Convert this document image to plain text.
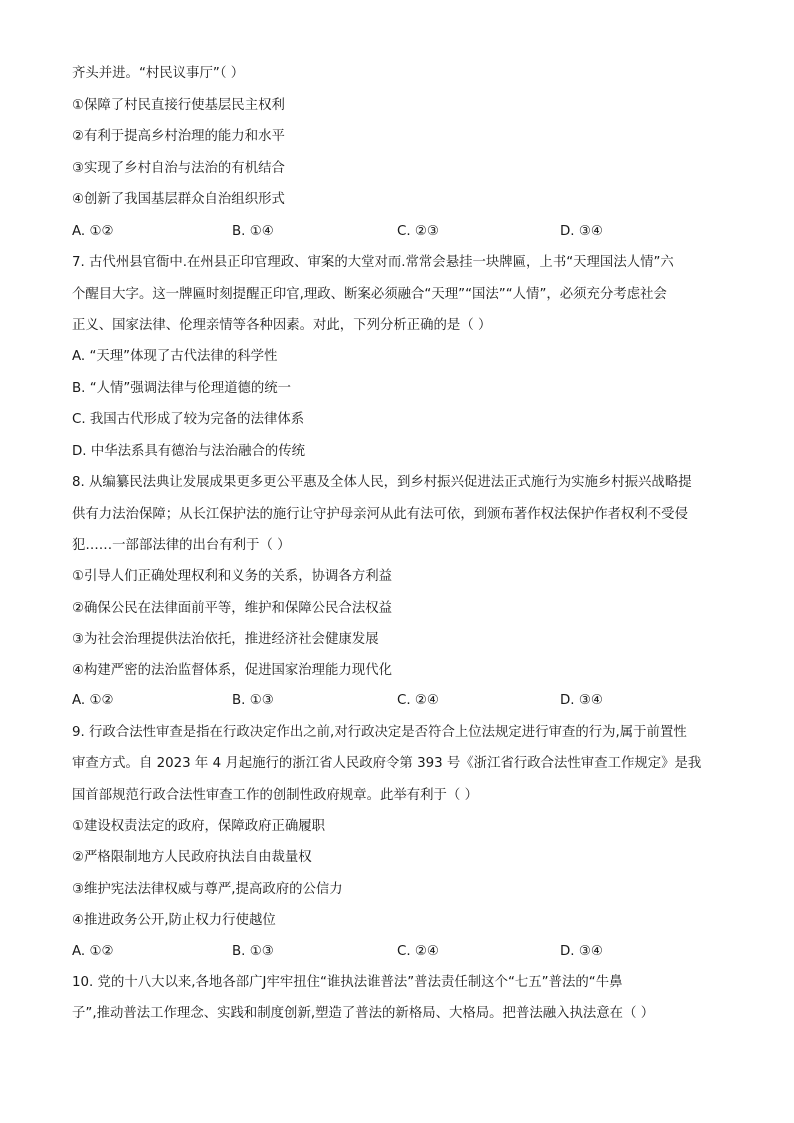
齐头并进。“村民议事厅”（ ）
①保障了村民直接行使基层民主权利
②有利于提高乡村治理的能力和水平
③实现了乡村自治与法治的有机结合
④创新了我国基层群众自治组织形式
A. ①②	B. ①④	C. ②③	D. ③④
7. 古代州县官衙中.在州县正印官理政、审案的大堂对而.常常会悬挂一块牌匾，上书“天理国法人情”六
个醒目大字。这一牌匾时刻提醒正印官,理政、断案必须融合“天理”“国法”“人情”，必须充分考虑社会
正义、国家法律、伦理亲情等各种因素。对此，下列分析正确的是（ ）
A. “天理”体现了古代法律的科学性
B. “人情”强调法律与伦理道德的统一
C. 我国古代形成了较为完备的法律体系
D. 中华法系具有德治与法治融合的传统
8. 从编纂民法典让发展成果更多更公平惠及全体人民，到乡村振兴促进法正式施行为实施乡村振兴战略提
供有力法治保障；从长江保护法的施行让守护母亲河从此有法可依，到颁布著作权法保护作者权利不受侵
犯……一部部法律的出台有利于（ ）
①引导人们正确处理权利和义务的关系，协调各方利益
②确保公民在法律面前平等，维护和保障公民合法权益
③为社会治理提供法治依托，推进经济社会健康发展
④构建严密的法治监督体系，促进国家治理能力现代化
A. ①②	B. ①③	C. ②④	D. ③④
9. 行政合法性审查是指在行政决定作出之前,对行政决定是否符合上位法规定进行审查的行为,属于前置性
审查方式。自 2023 年 4 月起施行的浙江省人民政府令第 393 号《浙江省行政合法性审查工作规定》是我
国首部规范行政合法性审查工作的创制性政府规章。此举有利于（ ）
①建设权责法定的政府，保障政府正确履职
②严格限制地方人民政府执法自由裁量权
③维护宪法法律权威与尊严,提高政府的公信力
④推进政务公开,防止权力行使越位
A. ①②	B. ①③	C. ②④	D. ③④
10. 党的十八大以来,各地各部广J牢牢扭住“谁执法谁普法”普法责任制这个“七五”普法的“牛鼻
子”,推动普法工作理念、实践和制度创新,塑造了普法的新格局、大格局。把普法融入执法意在（ ）
